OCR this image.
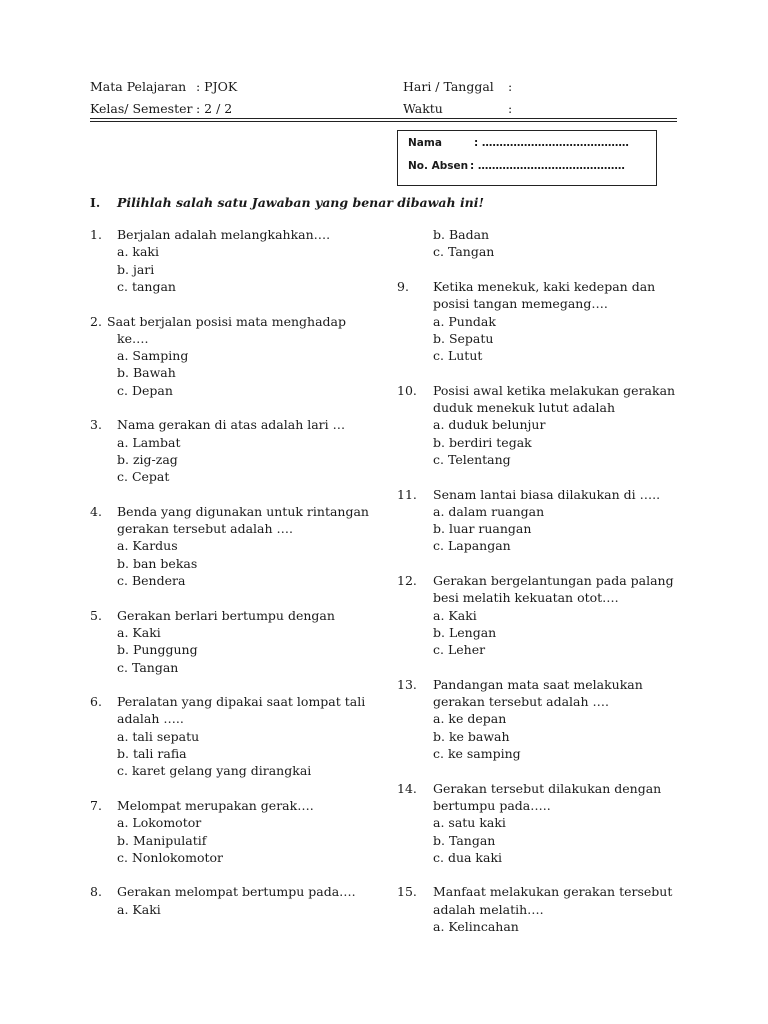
Mata Pelajaran : PJOK
Kelas/ Semester : 2 / 2
Hari / Tanggal :
Waktu	:
Nama	: ……………………………………
No. Absen : ……………………………………
I. Pilihlah salah satu Jawaban yang benar dibawah ini!
1. Berjalan adalah melangkahkan….
a. kaki
b. jari
c. tangan
2. Saat berjalan posisi mata menghadap
ke….
a. Samping
b. Bawah
c. Depan
3. Nama gerakan di atas adalah lari …
a. Lambat
b. zig-zag
c. Cepat
4. Benda yang digunakan untuk rintangan
gerakan tersebut adalah ….
a. Kardus
b. ban bekas
c. Bendera
5. Gerakan berlari bertumpu dengan
a. Kaki
b. Punggung
c. Tangan
6. Peralatan yang dipakai saat lompat tali
adalah …..
a. tali sepatu
b. tali rafia
c. karet gelang yang dirangkai
7. Melompat merupakan gerak….
a. Lokomotor
b. Manipulatif
c. Nonlokomotor
8. Gerakan melompat bertumpu pada….
a. Kaki
b. Badan
c. Tangan
9. Ketika menekuk, kaki kedepan dan
posisi tangan memegang….
a. Pundak
b. Sepatu
c. Lutut
10. Posisi awal ketika melakukan gerakan
duduk menekuk lutut adalah
a. duduk belunjur
b. berdiri tegak
c. Telentang
11. Senam lantai biasa dilakukan di …..
a. dalam ruangan
b. luar ruangan
c. Lapangan
12. Gerakan bergelantungan pada palang
besi melatih kekuatan otot….
a. Kaki
b. Lengan
c. Leher
13. Pandangan mata saat melakukan
gerakan tersebut adalah ….
a. ke depan
b. ke bawah
c. ke samping
14. Gerakan tersebut dilakukan dengan
bertumpu pada…..
a. satu kaki
b. Tangan
c. dua kaki
15. Manfaat melakukan gerakan tersebut
adalah melatih….
a. Kelincahan
